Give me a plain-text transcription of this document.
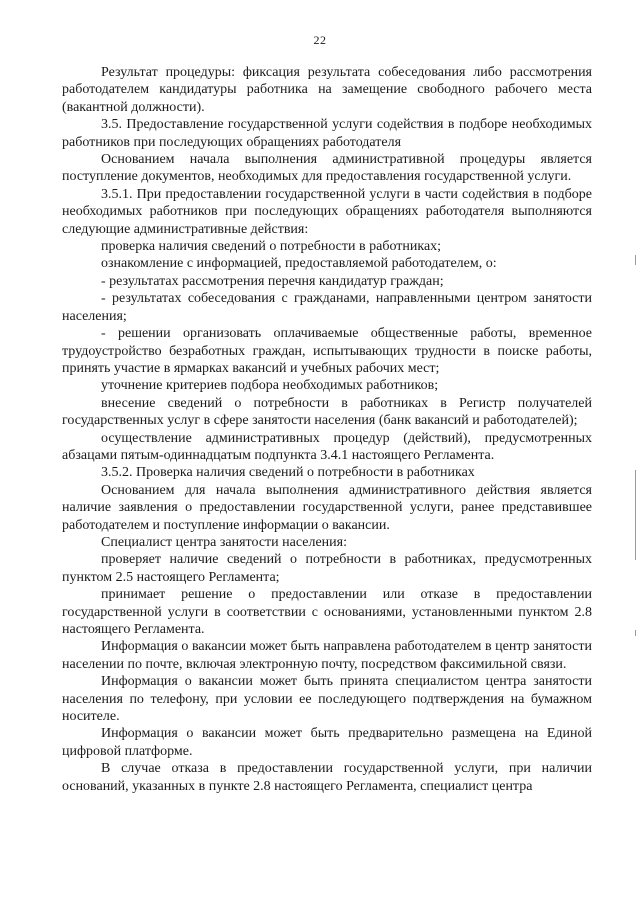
22

Результат процедуры: фиксация результата собеседования либо рассмотрения работодателем кандидатуры работника на замещение свободного рабочего места (вакантной должности).

3.5. Предоставление государственной услуги содействия в подборе необходимых работников при последующих обращениях работодателя

Основанием начала выполнения административной процедуры является поступление документов, необходимых для предоставления государственной услуги.

3.5.1. При предоставлении государственной услуги в части содействия в подборе необходимых работников при последующих обращениях работодателя выполняются следующие административные действия:

проверка наличия сведений о потребности в работниках;

ознакомление с информацией, предоставляемой работодателем, о:

- результатах рассмотрения перечня кандидатур граждан;

- результатах собеседования с гражданами, направленными центром занятости населения;

- решении организовать оплачиваемые общественные работы, временное трудоустройство безработных граждан, испытывающих трудности в поиске работы, принять участие в ярмарках вакансий и учебных рабочих мест;

уточнение критериев подбора необходимых работников;

внесение сведений о потребности в работниках в Регистр получателей государственных услуг в сфере занятости населения (банк вакансий и работодателей);

осуществление административных процедур (действий), предусмотренных абзацами пятым-одиннадцатым подпункта 3.4.1 настоящего Регламента.

3.5.2. Проверка наличия сведений о потребности в работниках

Основанием для начала выполнения административного действия является наличие заявления о предоставлении государственной услуги, ранее представившее работодателем и поступление информации о вакансии.

Специалист центра занятости населения:

проверяет наличие сведений о потребности в работниках, предусмотренных пунктом 2.5 настоящего Регламента;

принимает решение о предоставлении или отказе в предоставлении государственной услуги в соответствии с основаниями, установленными пунктом 2.8 настоящего Регламента.

Информация о вакансии может быть направлена работодателем в центр занятости населении по почте, включая электронную почту, посредством факсимильной связи.

Информация о вакансии может быть принята специалистом центра занятости населения по телефону, при условии ее последующего подтверждения на бумажном носителе.

Информация о вакансии может быть предварительно размещена на Единой цифровой платформе.

В случае отказа в предоставлении государственной услуги, при наличии оснований, указанных в пункте 2.8 настоящего Регламента, специалист центра
